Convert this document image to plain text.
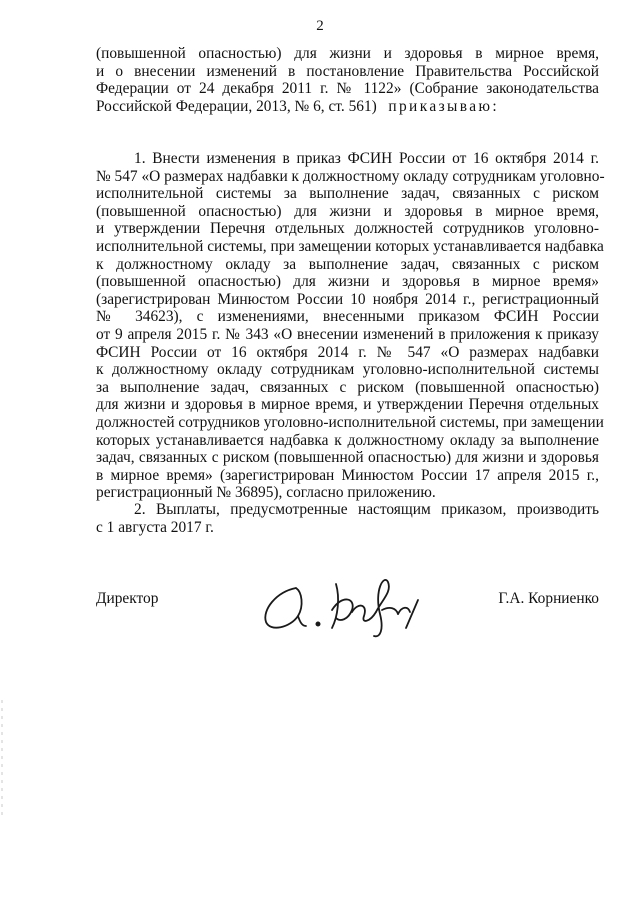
2
(повышенной опасностью) для жизни и здоровья в мирное время,
и о внесении изменений в постановление Правительства Российской
Федерации от 24 декабря 2011 г. № 1122» (Собрание законодательства
Российской Федерации, 2013, № 6, ст. 561) приказываю:
1. Внести изменения в приказ ФСИН России от 16 октября 2014 г.
№ 547 «О размерах надбавки к должностному окладу сотрудникам уголовно-
исполнительной системы за выполнение задач, связанных с риском
(повышенной опасностью) для жизни и здоровья в мирное время,
и утверждении Перечня отдельных должностей сотрудников уголовно-
исполнительной системы, при замещении которых устанавливается надбавка
к должностному окладу за выполнение задач, связанных с риском
(повышенной опасностью) для жизни и здоровья в мирное время»
(зарегистрирован Минюстом России 10 ноября 2014 г., регистрационный
№ 34623), с изменениями, внесенными приказом ФСИН России
от 9 апреля 2015 г. № 343 «О внесении изменений в приложения к приказу
ФСИН России от 16 октября 2014 г. № 547 «О размерах надбавки
к должностному окладу сотрудникам уголовно-исполнительной системы
за выполнение задач, связанных с риском (повышенной опасностью)
для жизни и здоровья в мирное время, и утверждении Перечня отдельных
должностей сотрудников уголовно-исполнительной системы, при замещении
которых устанавливается надбавка к должностному окладу за выполнение
задач, связанных с риском (повышенной опасностью) для жизни и здоровья
в мирное время» (зарегистрирован Минюстом России 17 апреля 2015 г.,
регистрационный № 36895), согласно приложению.
2. Выплаты, предусмотренные настоящим приказом, производить
с 1 августа 2017 г.
Директор	Г.А. Корниенко
